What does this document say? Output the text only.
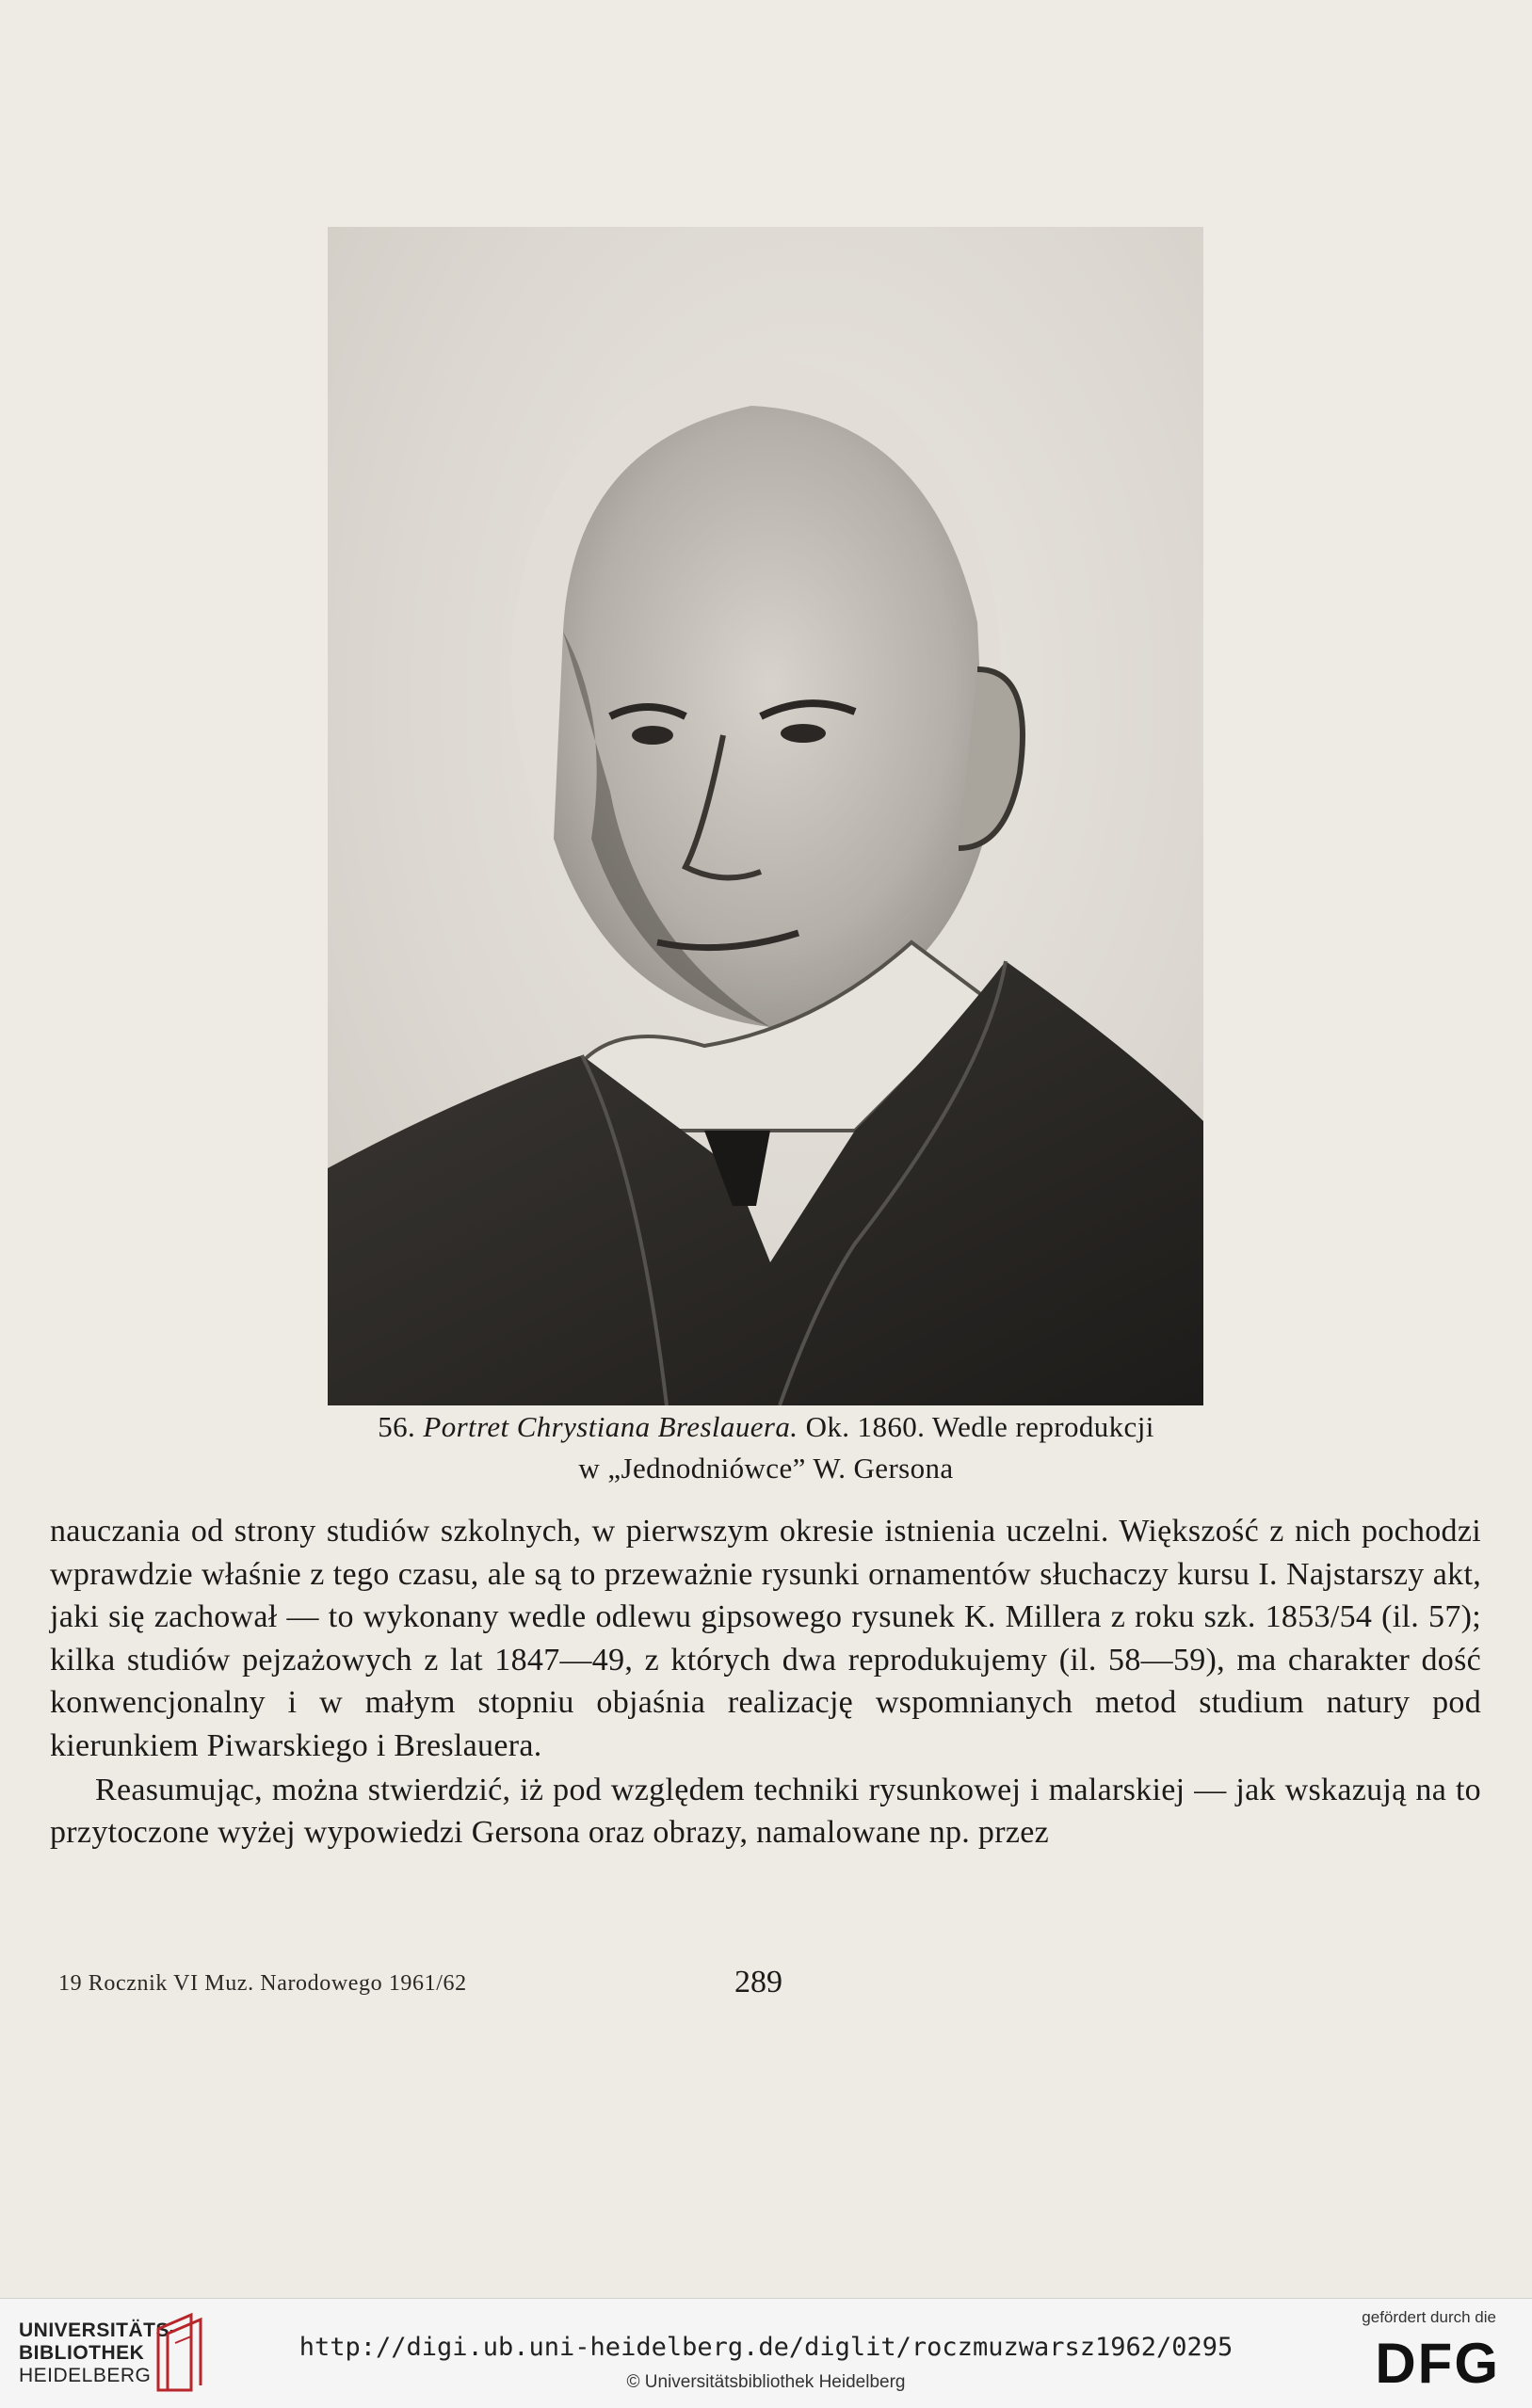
56. Portret Chrystiana Breslauera. Ok. 1860. Wedle reprodukcji
w „Jednodniówce” W. Gersona

nauczania od strony studiów szkolnych, w pierwszym okresie istnienia uczelni. Większość z nich pochodzi wprawdzie właśnie z tego czasu, ale są to przeważnie rysunki ornamentów słuchaczy kursu I. Najstarszy akt, jaki się zachował — to wykonany wedle odlewu gipsowego rysunek K. Millera z roku szk. 1853/54 (il. 57); kilka studiów pejzażowych z lat 1847—49, z których dwa reprodukujemy (il. 58—59), ma charakter dość konwencjonalny i w małym stopniu objaśnia realizację wspomnianych metod studium natury pod kierunkiem Piwarskiego i Breslauera.

Reasumując, można stwierdzić, iż pod względem techniki rysunkowej i malarskiej — jak wskazują na to przytoczone wyżej wypowiedzi Gersona oraz obrazy, namalowane np. przez

19 Rocznik VI Muz. Narodowego 1961/62	289
UNIVERSITÄTS-
BIBLIOTHEK
HEIDELBERG
http://digi.ub.uni-heidelberg.de/diglit/roczmuzwarsz1962/0295
© Universitätsbibliothek Heidelberg
gefördert durch die
DFG
